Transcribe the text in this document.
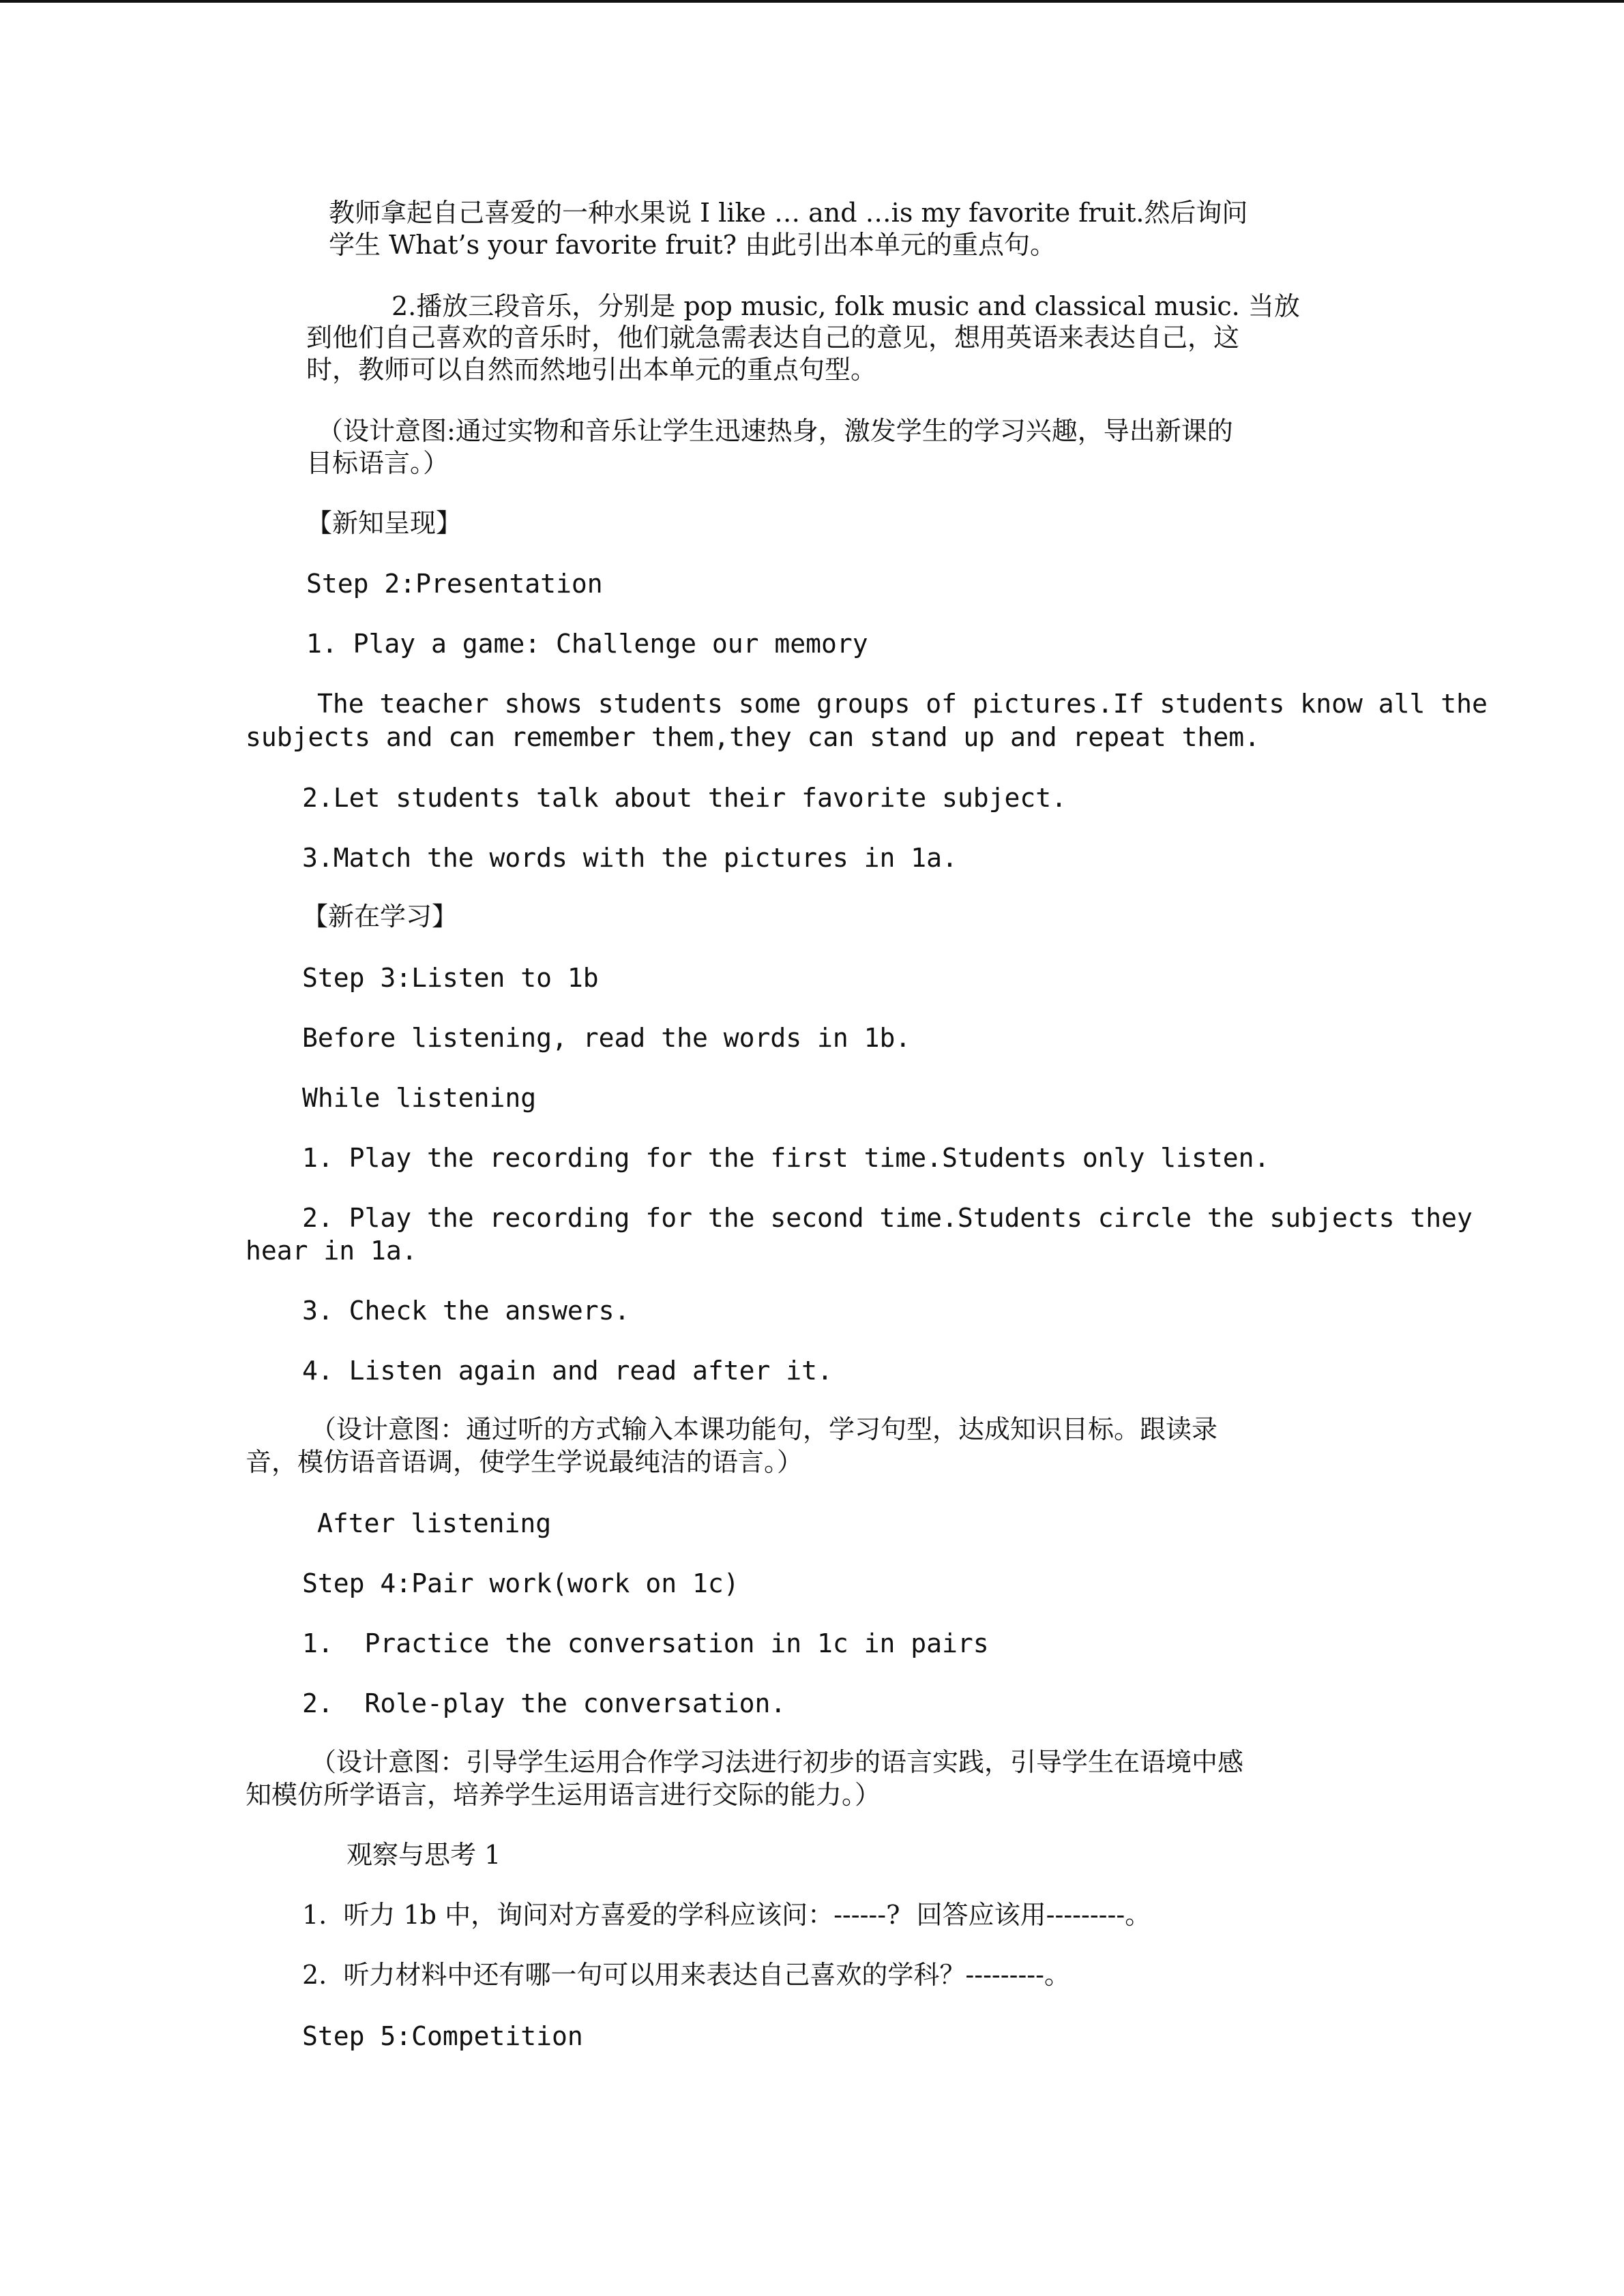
教师拿起自己喜爱的一种水果说 I like … and …is my favorite fruit.然后询问
学生 What’s your favorite fruit? 由此引出本单元的重点句。
2.播放三段音乐，分别是 pop music, folk music and classical music. 当放
到他们自己喜欢的音乐时，他们就急需表达自己的意见，想用英语来表达自己，这
时，教师可以自然而然地引出本单元的重点句型。
（设计意图:通过实物和音乐让学生迅速热身，激发学生的学习兴趣，导出新课的
目标语言。）
【新知呈现】
Step 2:Presentation
1. Play a game: Challenge our memory
The teacher shows students some groups of pictures.If students know all the
subjects and can remember them,they can stand up and repeat them.
2.Let students talk about their favorite subject.
3.Match the words with the pictures in 1a.
【新在学习】
Step 3:Listen to 1b
Before listening, read the words in 1b.
While listening
1. Play the recording for the first time.Students only listen.
2. Play the recording for the second time.Students circle the subjects they
hear in 1a.
3. Check the answers.
4. Listen again and read after it.
（设计意图：通过听的方式输入本课功能句，学习句型，达成知识目标。跟读录
音，模仿语音语调，使学生学说最纯洁的语言。）
After listening
Step 4:Pair work(work on 1c)
1.  Practice the conversation in 1c in pairs
2.  Role-play the conversation.
（设计意图：引导学生运用合作学习法进行初步的语言实践，引导学生在语境中感
知模仿所学语言，培养学生运用语言进行交际的能力。）
观察与思考 1
1.  听力 1b 中，询问对方喜爱的学科应该问：------?  回答应该用---------。
2.  听力材料中还有哪一句可以用来表达自己喜欢的学科？---------。
Step 5:Competition
